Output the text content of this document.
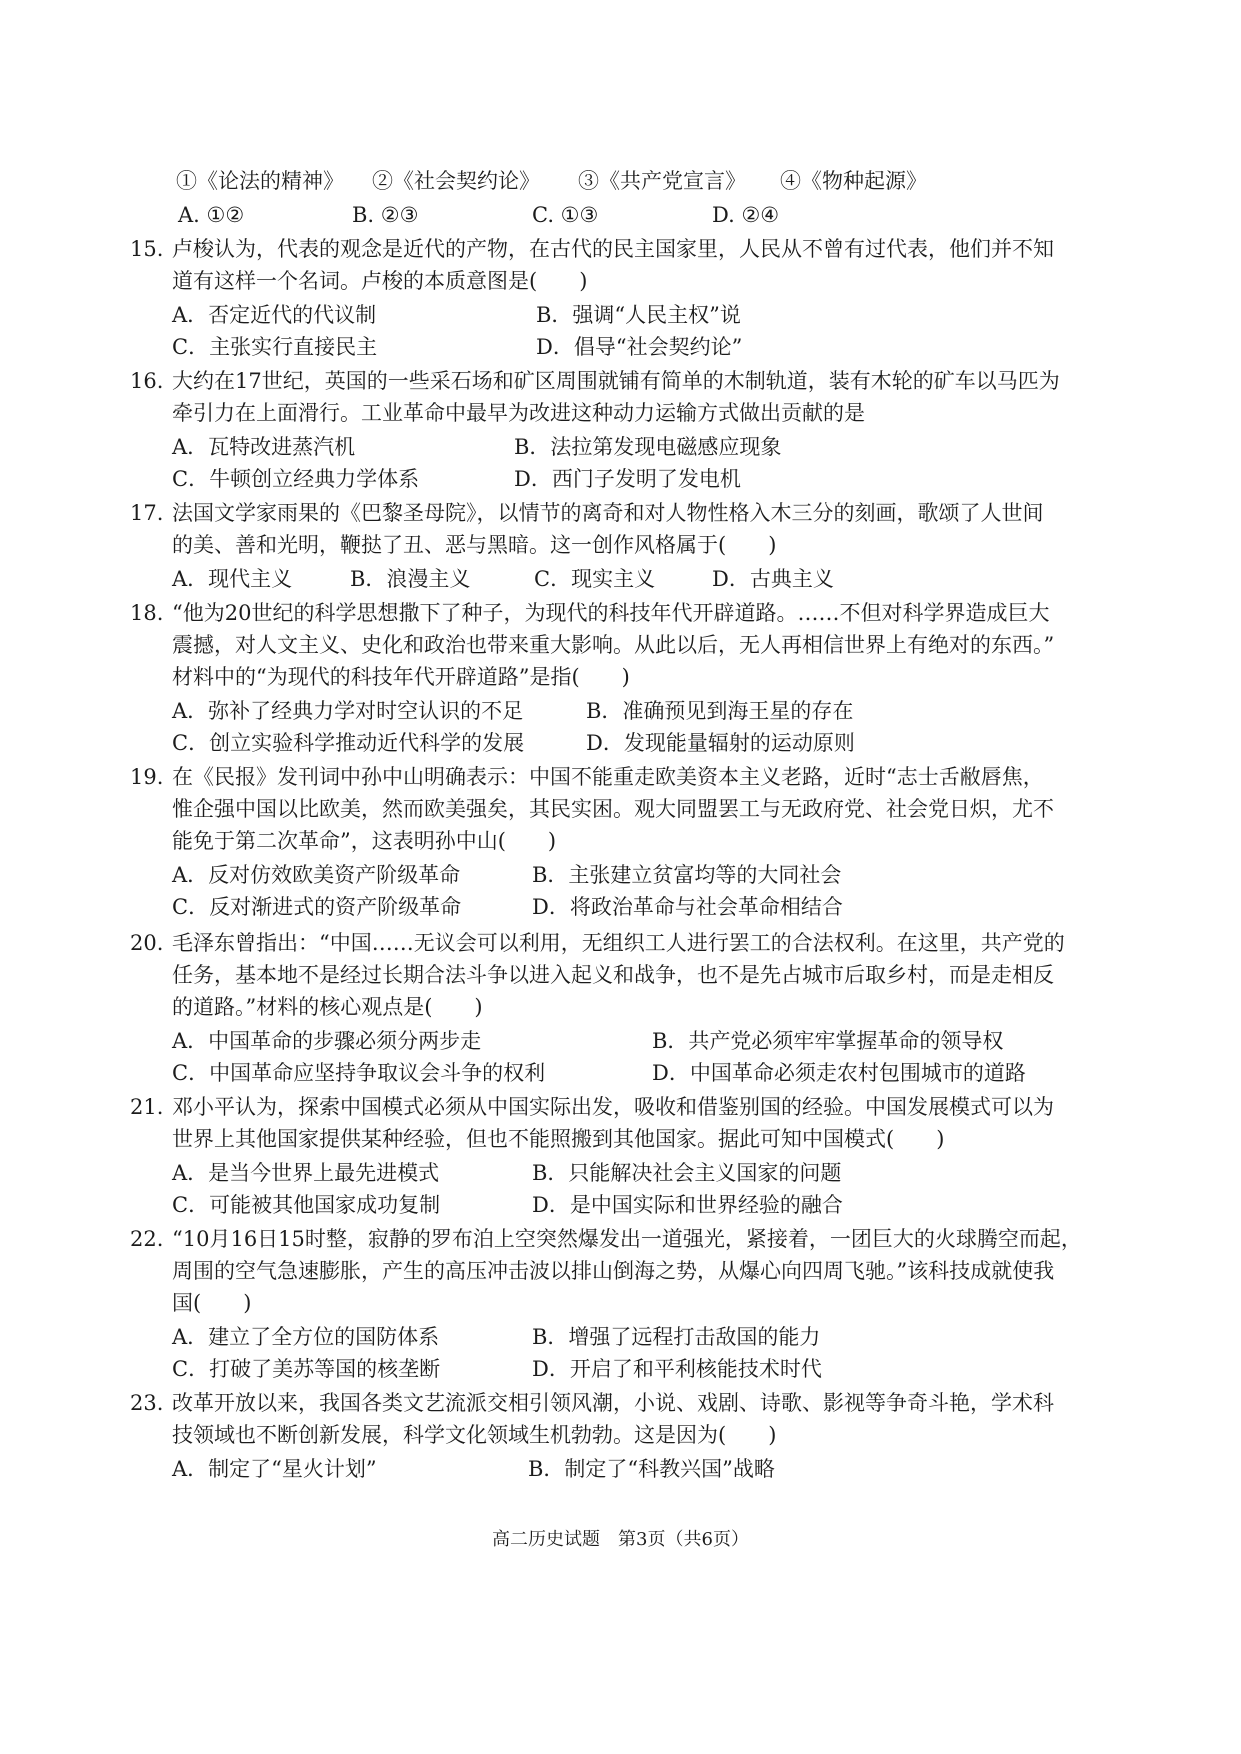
①《论法的精神》 ②《社会契约论》 ③《共产党宣言》 ④《物种起源》
A. ①②	B. ②③	C. ①③	D. ②④
15. 卢梭认为，代表的观念是近代的产物，在古代的民主国家里，人民从不曾有过代表，他们并不知
道有这样一个名词。卢梭的本质意图是(　　)
A．否定近代的代议制	B．强调“人民主权”说
C．主张实行直接民主	D．倡导“社会契约论”
16. 大约在17世纪，英国的一些采石场和矿区周围就铺有简单的木制轨道，装有木轮的矿车以马匹为
牵引力在上面滑行。工业革命中最早为改进这种动力运输方式做出贡献的是
A．瓦特改进蒸汽机	B．法拉第发现电磁感应现象
C．牛顿创立经典力学体系	D．西门子发明了发电机
17. 法国文学家雨果的《巴黎圣母院》，以情节的离奇和对人物性格入木三分的刻画，歌颂了人世间
的美、善和光明，鞭挞了丑、恶与黑暗。这一创作风格属于(　　)
A．现代主义	B．浪漫主义	C．现实主义	D．古典主义
18. “他为20世纪的科学思想撒下了种子，为现代的科技年代开辟道路。……不但对科学界造成巨大
震撼，对人文主义、史化和政治也带来重大影响。从此以后，无人再相信世界上有绝对的东西。”
材料中的“为现代的科技年代开辟道路”是指(　　)
A．弥补了经典力学对时空认识的不足	B．准确预见到海王星的存在
C．创立实验科学推动近代科学的发展	D．发现能量辐射的运动原则
19. 在《民报》发刊词中孙中山明确表示：中国不能重走欧美资本主义老路，近时“志士舌敝唇焦，
惟企强中国以比欧美，然而欧美强矣，其民实困。观大同盟罢工与无政府党、社会党日炽，尤不
能免于第二次革命”，这表明孙中山(　　)
A．反对仿效欧美资产阶级革命	B．主张建立贫富均等的大同社会
C．反对渐进式的资产阶级革命	D．将政治革命与社会革命相结合
20. 毛泽东曾指出：“中国……无议会可以利用，无组织工人进行罢工的合法权利。在这里，共产党的
任务，基本地不是经过长期合法斗争以进入起义和战争，也不是先占城市后取乡村，而是走相反
的道路。”材料的核心观点是(　　)
A．中国革命的步骤必须分两步走	B．共产党必须牢牢掌握革命的领导权
C．中国革命应坚持争取议会斗争的权利	D．中国革命必须走农村包围城市的道路
21. 邓小平认为，探索中国模式必须从中国实际出发，吸收和借鉴别国的经验。中国发展模式可以为
世界上其他国家提供某种经验，但也不能照搬到其他国家。据此可知中国模式(　　)
A．是当今世界上最先进模式	B．只能解决社会主义国家的问题
C．可能被其他国家成功复制	D．是中国实际和世界经验的融合
22. “10月16日15时整，寂静的罗布泊上空突然爆发出一道强光，紧接着，一团巨大的火球腾空而起，
周围的空气急速膨胀，产生的高压冲击波以排山倒海之势，从爆心向四周飞驰。”该科技成就使我
国(　　)
A．建立了全方位的国防体系	B．增强了远程打击敌国的能力
C．打破了美苏等国的核垄断	D．开启了和平利核能技术时代
23. 改革开放以来，我国各类文艺流派交相引领风潮，小说、戏剧、诗歌、影视等争奇斗艳，学术科
技领域也不断创新发展，科学文化领域生机勃勃。这是因为(　　)
A．制定了“星火计划”	B．制定了“科教兴国”战略
高二历史试题　第3页（共6页）
